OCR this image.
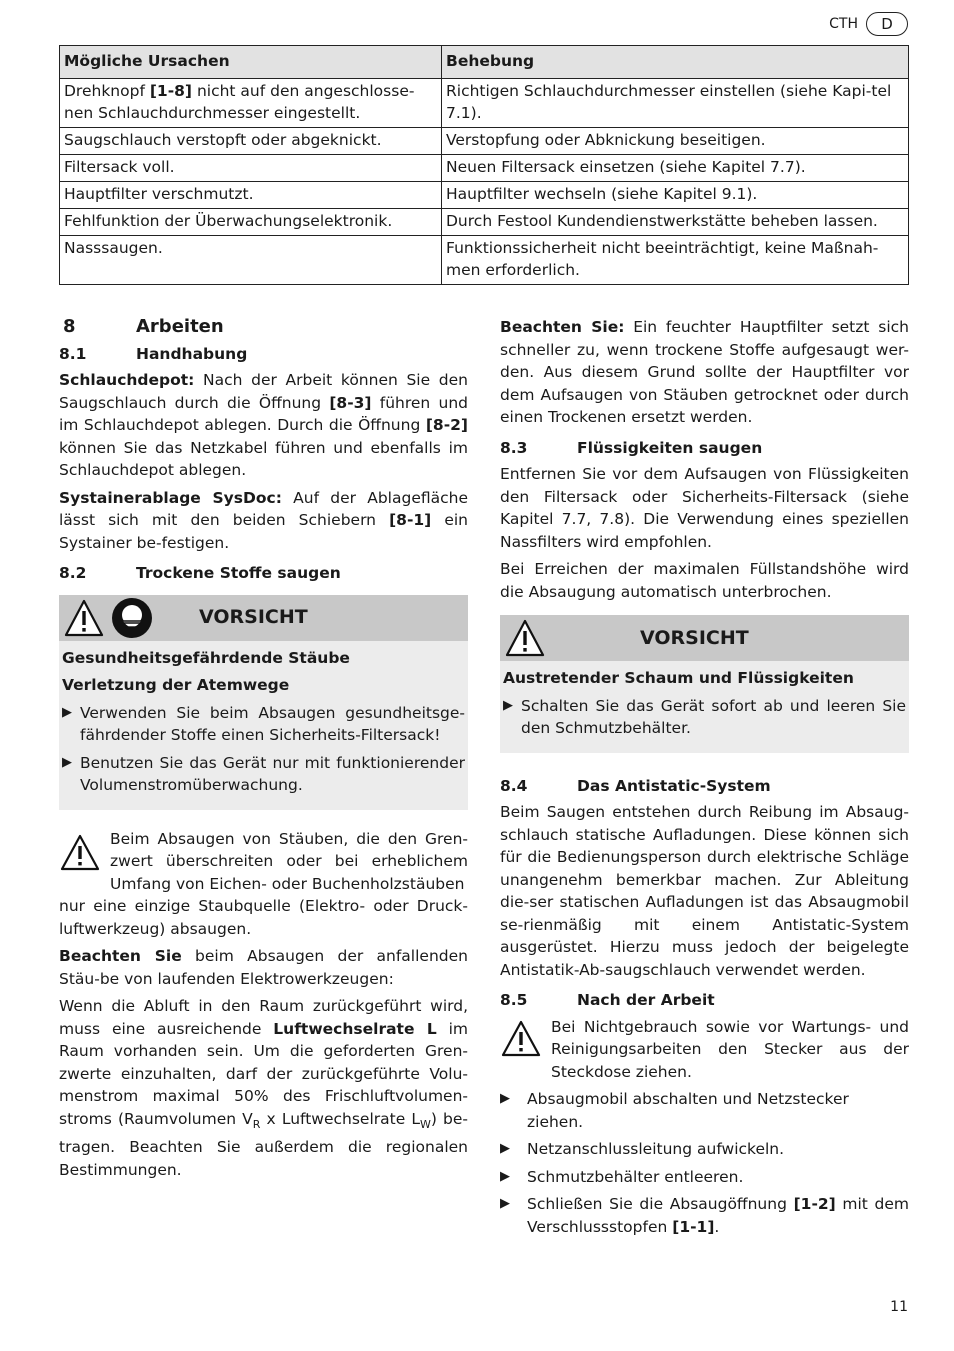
CTH	D
Mögliche Ursachen	Behebung
Drehknopf [1-8] nicht auf den angeschlosse-nen Schlauchdurchmesser eingestellt.	Richtigen Schlauchdurchmesser einstellen (siehe Kapi-tel 7.1).
Saugschlauch verstopft oder abgeknickt.	Verstopfung oder Abknickung beseitigen.
Filtersack voll.	Neuen Filtersack einsetzen (siehe Kapitel 7.7).
Hauptfilter verschmutzt.	Hauptfilter wechseln (siehe Kapitel 9.1).
Fehlfunktion der Überwachungselektronik.	Durch Festool Kundendienstwerkstätte beheben lassen.
Nasssaugen.	Funktionssicherheit nicht beeinträchtigt, keine Maßnah-men erforderlich.
8	Arbeiten
8.1	Handhabung

Schlauchdepot: Nach der Arbeit können Sie den Saugschlauch durch die Öffnung [8-3] führen und im Schlauchdepot ablegen. Durch die Öffnung [8-2] können Sie das Netzkabel führen und ebenfalls im Schlauchdepot ablegen.

Systainerablage SysDoc: Auf der Ablagefläche lässt sich mit den beiden Schiebern [8-1] ein Systainer be-festigen.

8.2	Trockene Stoffe saugen
VORSICHT
Gesundheitsgefährdende Stäube
Verletzung der Atemwege
▶ Verwenden Sie beim Absaugen gesundheitsge-fährdender Stoffe einen Sicherheits-Filtersack!
▶ Benutzen Sie das Gerät nur mit funktionierender Volumenstromüberwachung.

Beim Absaugen von Stäuben, die den Gren-zwert überschreiten oder bei erheblichem Umfang von Eichen- oder Buchenholzstäuben

nur eine einzige Staubquelle (Elektro- oder Druck-luftwerkzeug) absaugen.

Beachten Sie beim Absaugen der anfallenden Stäu-be von laufenden Elektrowerkzeugen:

Wenn die Abluft in den Raum zurückgeführt wird, muss eine ausreichende Luftwechselrate L im Raum vorhanden sein. Um die geforderten Gren-zwerte einzuhalten, darf der zurückgeführte Volu-menstrom maximal 50% des Frischluftvolumen-stroms (Raumvolumen $V_R$ x Luftwechselrate $L_W$) be-tragen. Beachten Sie außerdem die regionalen Bestimmungen.

Beachten Sie: Ein feuchter Hauptfilter setzt sich schneller zu, wenn trockene Stoffe aufgesaugt wer-den. Aus diesem Grund sollte der Hauptfilter vor dem Aufsaugen von Stäuben getrocknet oder durch einen Trockenen ersetzt werden.

8.3	Flüssigkeiten saugen

Entfernen Sie vor dem Aufsaugen von Flüssigkeiten den Filtersack oder Sicherheits-Filtersack (siehe Kapitel 7.7, 7.8). Die Verwendung eines speziellen Nassfilters wird empfohlen.

Bei Erreichen der maximalen Füllstandshöhe wird die Absaugung automatisch unterbrochen.

VORSICHT
Austretender Schaum und Flüssigkeiten
▶ Schalten Sie das Gerät sofort ab und leeren Sie den Schmutzbehälter.
8.4	Das Antistatic-System

Beim Saugen entstehen durch Reibung im Absaug-schlauch statische Aufladungen. Diese können sich für die Bedienungsperson durch elektrische Schläge unangenehm bemerkbar machen. Zur Ableitung die-ser statischen Aufladungen ist das Absaugmobil se-rienmäßig mit einem Antistatic-System ausgerüstet. Hierzu muss jedoch der beigelegte Antistatik-Ab-saugschlauch verwendet werden.

8.5	Nach der Arbeit

Bei Nichtgebrauch sowie vor Wartungs- und Reinigungsarbeiten den Stecker aus der Steckdose ziehen.

▶	Absaugmobil abschalten und Netzstecker ziehen.
▶	Netzanschlussleitung aufwickeln.
▶	Schmutzbehälter entleeren.
▶	Schließen Sie die Absaugöffnung [1-2] mit dem Verschlussstopfen [1-1].
11
